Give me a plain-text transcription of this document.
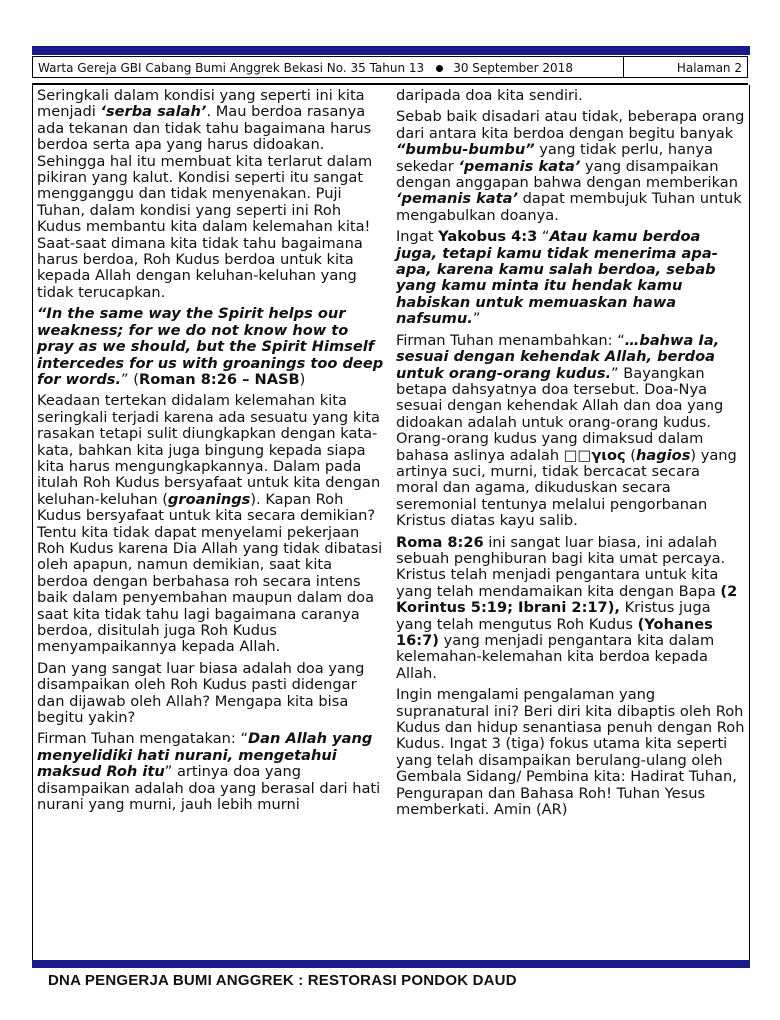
Warta Gereja GBI Cabang Bumi Anggrek Bekasi No. 35 Tahun 13 30 September 2018	Halaman 2

Seringkali dalam kondisi yang seperti ini kita menjadi ‘serba salah’. Mau berdoa rasanya ada tekanan dan tidak tahu bagaimana harus berdoa serta apa yang harus didoakan. Sehingga hal itu membuat kita terlarut dalam pikiran yang kalut. Kondisi seperti itu sangat mengganggu dan tidak menyenakan. Puji Tuhan, dalam kondisi yang seperti ini Roh Kudus membantu kita dalam kelemahan kita! Saat-saat dimana kita tidak tahu bagaimana harus berdoa, Roh Kudus berdoa untuk kita kepada Allah dengan keluhan-keluhan yang tidak terucapkan.

“In the same way the Spirit helps our weakness; for we do not know how to pray as we should, but the Spirit Himself intercedes for us with groanings too deep for words.” (Roman 8:26 – NASB)

Keadaan tertekan didalam kelemahan kita seringkali terjadi karena ada sesuatu yang kita rasakan tetapi sulit diungkapkan dengan kata-kata, bahkan kita juga bingung kepada siapa kita harus mengungkapkannya. Dalam pada itulah Roh Kudus bersyafaat untuk kita dengan keluhan-keluhan (groanings). Kapan Roh Kudus bersyafaat untuk kita secara demikian? Tentu kita tidak dapat menyelami pekerjaan Roh Kudus karena Dia Allah yang tidak dibatasi oleh apapun, namun demikian, saat kita berdoa dengan berbahasa roh secara intens baik dalam penyembahan maupun dalam doa saat kita tidak tahu lagi bagaimana caranya berdoa, disitulah juga Roh Kudus menyampaikannya kepada Allah.

Dan yang sangat luar biasa adalah doa yang disampaikan oleh Roh Kudus pasti didengar dan dijawab oleh Allah? Mengapa kita bisa begitu yakin?

Firman Tuhan mengatakan: “Dan Allah yang menyelidiki hati nurani, mengetahui maksud Roh itu” artinya doa yang disampaikan adalah doa yang berasal dari hati nurani yang murni, jauh lebih murni

daripada doa kita sendiri.

Sebab baik disadari atau tidak, beberapa orang dari antara kita berdoa dengan begitu banyak “bumbu-bumbu” yang tidak perlu, hanya sekedar ‘pemanis kata’ yang disampaikan dengan anggapan bahwa dengan memberikan ‘pemanis kata’ dapat membujuk Tuhan untuk mengabulkan doanya.

Ingat Yakobus 4:3 “Atau kamu berdoa juga, tetapi kamu tidak menerima apa-apa, karena kamu salah berdoa, sebab yang kamu minta itu hendak kamu habiskan untuk memuaskan hawa nafsumu.”

Firman Tuhan menambahkan: “…bahwa Ia, sesuai dengan kehendak Allah, berdoa untuk orang-orang kudus.” Bayangkan betapa dahsyatnya doa tersebut. Doa-Nya sesuai dengan kehendak Allah dan doa yang didoakan adalah untuk orang-orang kudus. Orang-orang kudus yang dimaksud dalam bahasa aslinya adalah □□γιος (hagios) yang artinya suci, murni, tidak bercacat secara moral dan agama, dikuduskan secara seremonial tentunya melalui pengorbanan Kristus diatas kayu salib.

Roma 8:26 ini sangat luar biasa, ini adalah sebuah penghiburan bagi kita umat percaya. Kristus telah menjadi pengantara untuk kita yang telah mendamaikan kita dengan Bapa (2 Korintus 5:19; Ibrani 2:17), Kristus juga yang telah mengutus Roh Kudus (Yohanes 16:7) yang menjadi pengantara kita dalam kelemahan-kelemahan kita berdoa kepada Allah.

Ingin mengalami pengalaman yang supranatural ini? Beri diri kita dibaptis oleh Roh Kudus dan hidup senantiasa penuh dengan Roh Kudus. Ingat 3 (tiga) fokus utama kita seperti yang telah disampaikan berulang-ulang oleh Gembala Sidang/ Pembina kita: Hadirat Tuhan, Pengurapan dan Bahasa Roh! Tuhan Yesus memberkati. Amin (AR)

DNA PENGERJA BUMI ANGGREK : RESTORASI PONDOK DAUD
